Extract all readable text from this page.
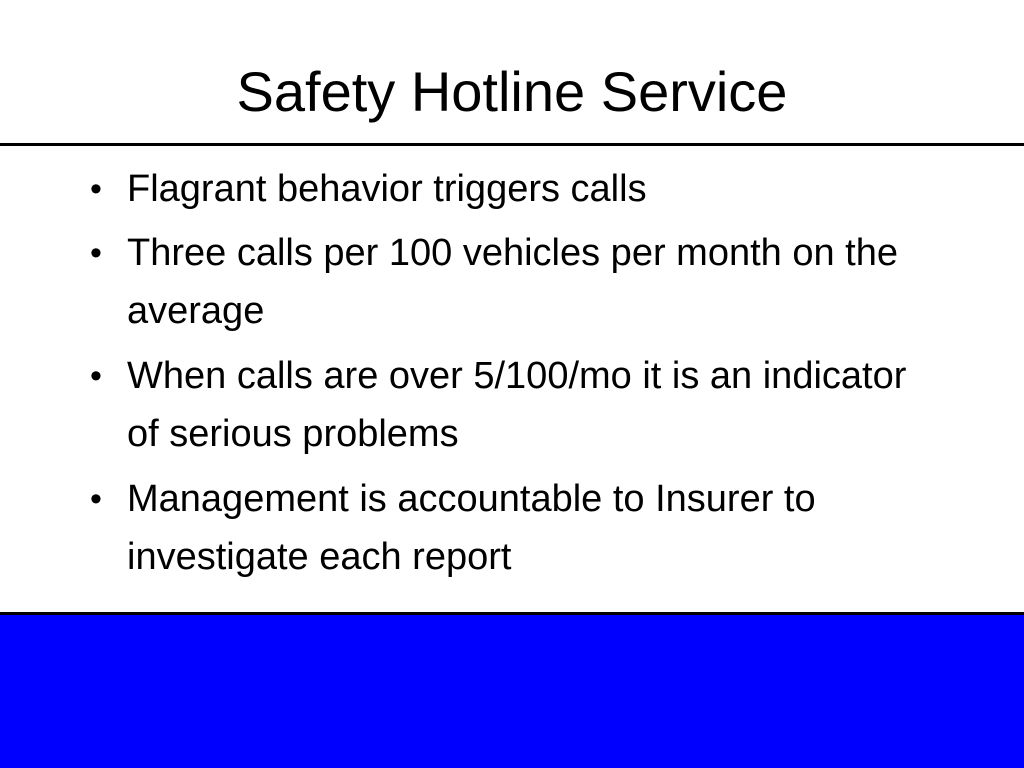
Safety Hotline Service
• Flagrant behavior triggers calls
• Three calls per 100 vehicles per month on the average
• When calls are over 5/100/mo it is an indicator of serious problems
• Management is accountable to Insurer to investigate each report
